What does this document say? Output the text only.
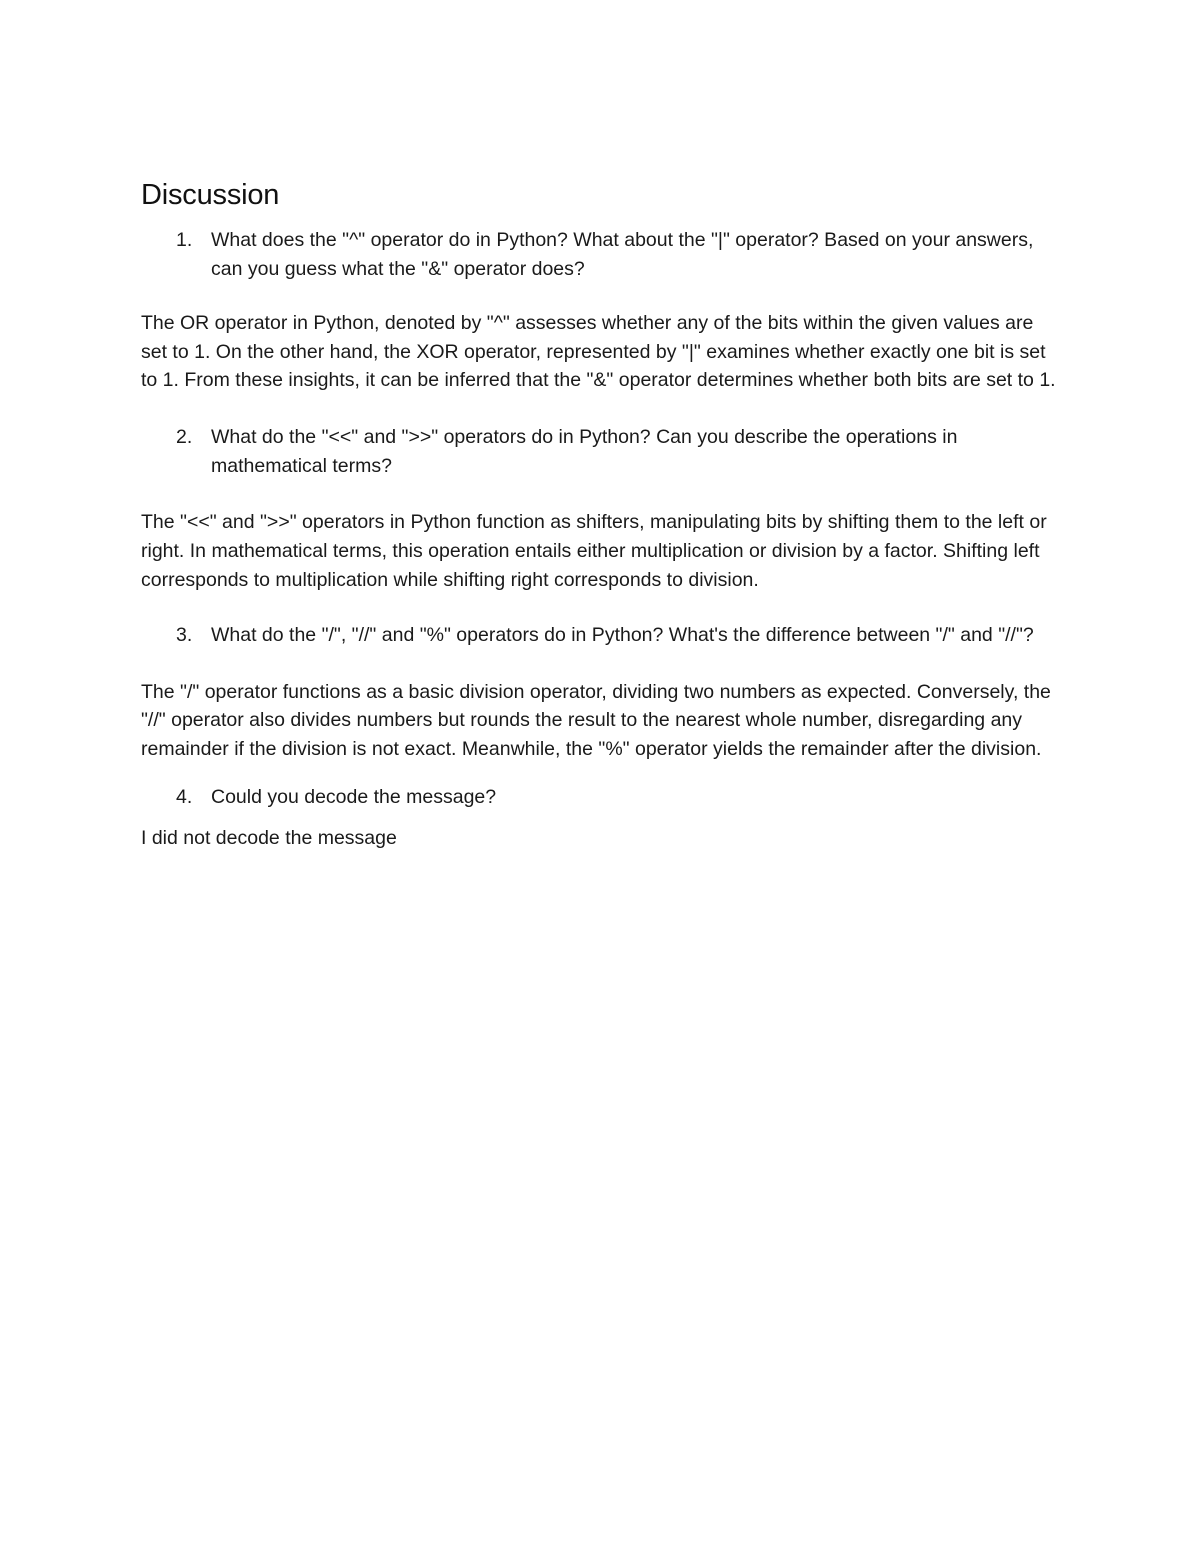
Discussion
1. What does the "^" operator do in Python? What about the "|" operator? Based on your answers, can you guess what the "&" operator does?

The OR operator in Python, denoted by "^" assesses whether any of the bits within the given values are set to 1. On the other hand, the XOR operator, represented by "|" examines whether exactly one bit is set to 1. From these insights, it can be inferred that the "&" operator determines whether both bits are set to 1.

2. What do the "<<" and ">>" operators do in Python? Can you describe the operations in mathematical terms?

The "<<" and ">>" operators in Python function as shifters, manipulating bits by shifting them to the left or right. In mathematical terms, this operation entails either multiplication or division by a factor. Shifting left corresponds to multiplication while shifting right corresponds to division.

3. What do the "/", "//" and "%" operators do in Python? What's the difference between "/" and "//"?

The "/" operator functions as a basic division operator, dividing two numbers as expected. Conversely, the "//" operator also divides numbers but rounds the result to the nearest whole number, disregarding any remainder if the division is not exact. Meanwhile, the "%" operator yields the remainder after the division.

4. Could you decode the message?

I did not decode the message
